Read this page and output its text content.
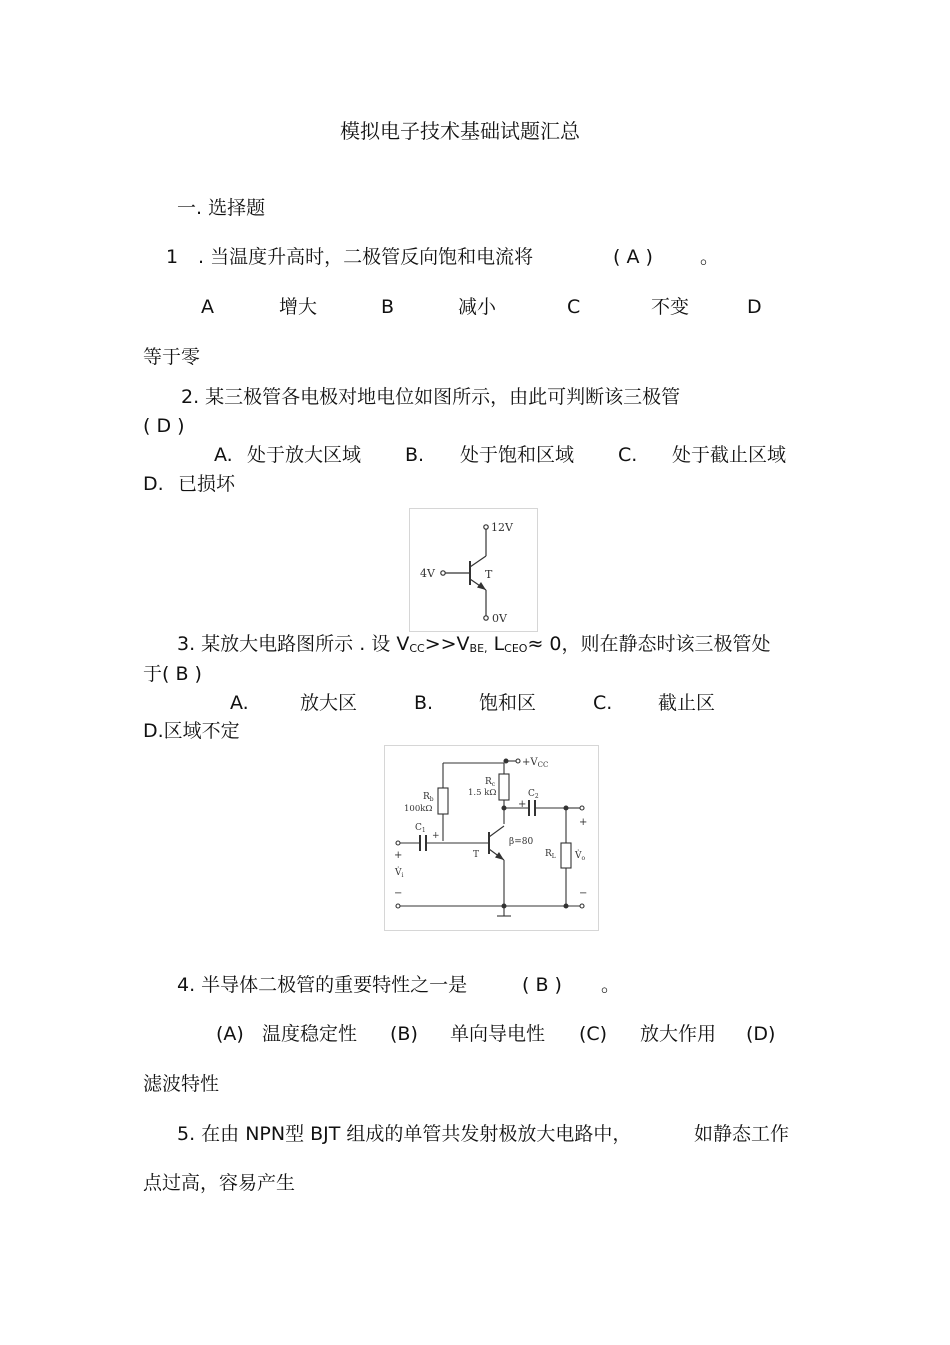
模拟电子技术基础试题汇总
一. 选择题
1 . 当温度升高时，二极管反向饱和电流将	( A ) 。
A	增大	B	减小	C	不变	D
等于零
2. 某三极管各电极对地电位如图所示，由此可判断该三极管
( D )
A. 处于放大区域 B. 处于饱和区域 C. 处于截止区域
D. 已损坏
12V
4V
0V
T
3. 某放大电路图所示 . 设 $V_{CC}>>V_{BE,}$ $L_{CEO}\approx 0$，则在静态时该三极管处
于( B )
A.	放大区	B. 饱和区	C. 截止区
D.区域不定
$+V_{CC}$
$R_b$
100kΩ
$R_c$
1.5 kΩ
$C_1$
+
$C_2$
+
β=80
T	$R_L$ $V̇_o$
+
$V̇_i$
−
+
−
4. 半导体二极管的重要特性之一是	( B ) 。
(A) 温度稳定性 (B) 单向导电性 (C) 放大作用 (D)
滤波特性
5. 在由 NPN型 BJT 组成的单管共发射极放大电路中，	如静态工作
点过高，容易产生
